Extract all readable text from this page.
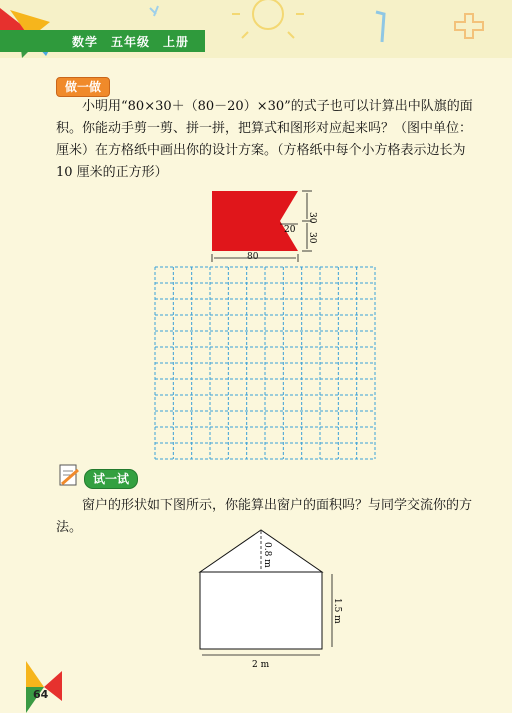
数学　五年级　上册
做一做
小明用“80×30＋（80－20）×30”的式子也可以计算出中队旗的面积。你能动手剪一剪、拼一拼，把算式和图形对应起来吗？（图中单位：厘米）在方格纸中画出你的设计方案。（方格纸中每个小方格表示边长为 10 厘米的正方形）
30
30
20
80
试一试
窗户的形状如下图所示，你能算出窗户的面积吗？与同学交流你的方法。
0.8 m
1.5 m
2 m
64
